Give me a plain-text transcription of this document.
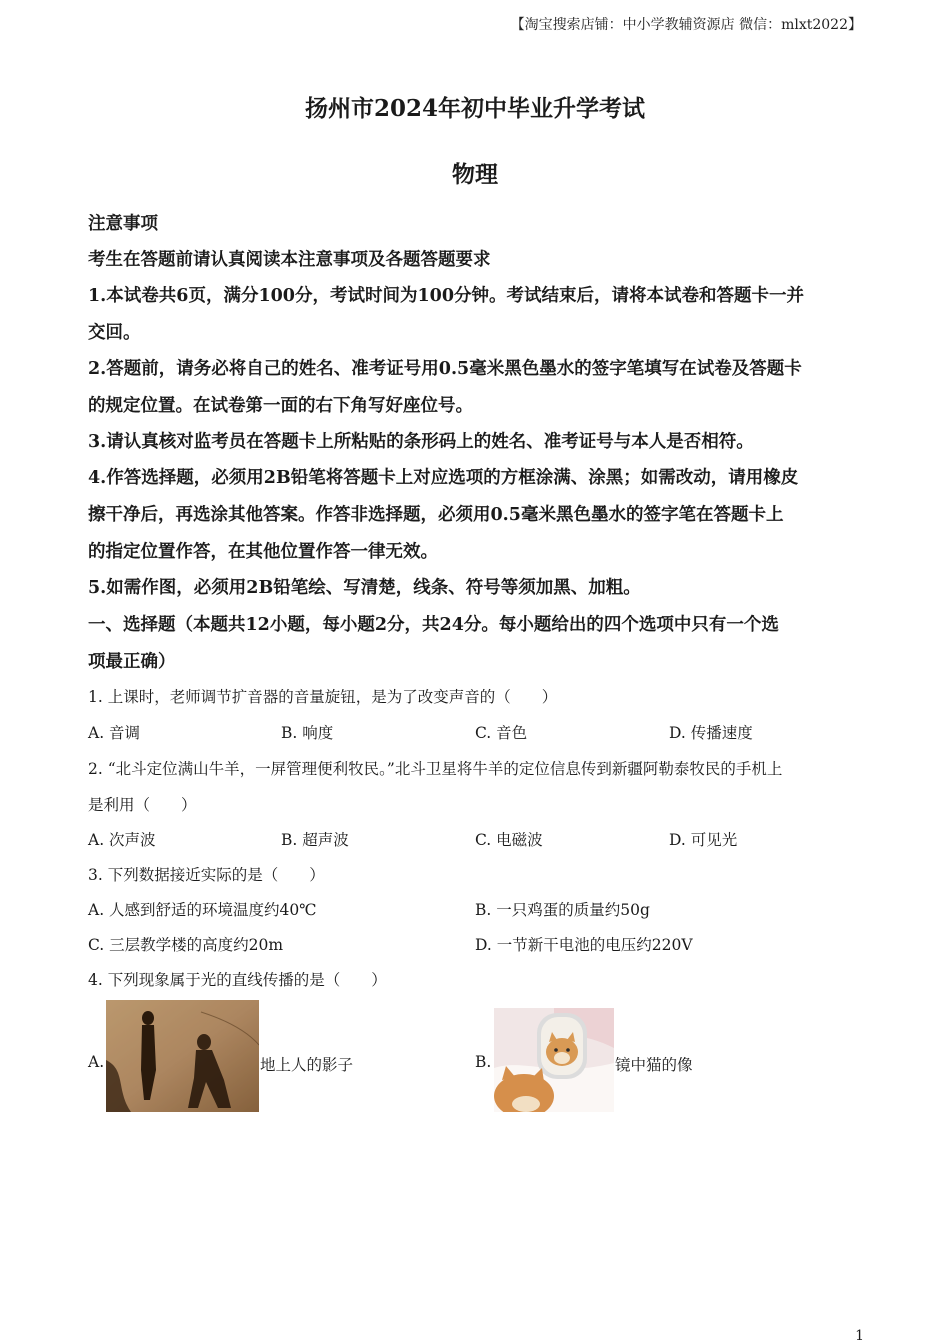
【淘宝搜索店铺：中小学教辅资源店 微信：mlxt2022】
扬州市2024年初中毕业升学考试
物理
注意事项
考生在答题前请认真阅读本注意事项及各题答题要求
1.本试卷共6页，满分100分，考试时间为100分钟。考试结束后，请将本试卷和答题卡一并
交回。
2.答题前，请务必将自己的姓名、准考证号用0.5毫米黑色墨水的签字笔填写在试卷及答题卡
的规定位置。在试卷第一面的右下角写好座位号。
3.请认真核对监考员在答题卡上所粘贴的条形码上的姓名、准考证号与本人是否相符。
4.作答选择题，必须用2B铅笔将答题卡上对应选项的方框涂满、涂黑；如需改动，请用橡皮
擦干净后，再选涂其他答案。作答非选择题，必须用0.5毫米黑色墨水的签字笔在答题卡上
的指定位置作答，在其他位置作答一律无效。
5.如需作图，必须用2B铅笔绘、写清楚，线条、符号等须加黑、加粗。
一、选择题（本题共12小题，每小题2分，共24分。每小题给出的四个选项中只有一个选
项最正确）
1. 上课时，老师调节扩音器的音量旋钮，是为了改变声音的（　　）
A. 音调	B. 响度	C. 音色	D. 传播速度
2. “北斗定位满山牛羊，一屏管理便利牧民。”北斗卫星将牛羊的定位信息传到新疆阿勒泰牧民的手机上
是利用（　　）
A. 次声波	B. 超声波	C. 电磁波	D. 可见光
3. 下列数据接近实际的是（　　）
A. 人感到舒适的环境温度约40℃	B. 一只鸡蛋的质量约50g
C. 三层教学楼的高度约20m	D. 一节新干电池的电压约220V
4. 下列现象属于光的直线传播的是（　　）
A.	地上人的影子	B.	镜中猫的像
1
